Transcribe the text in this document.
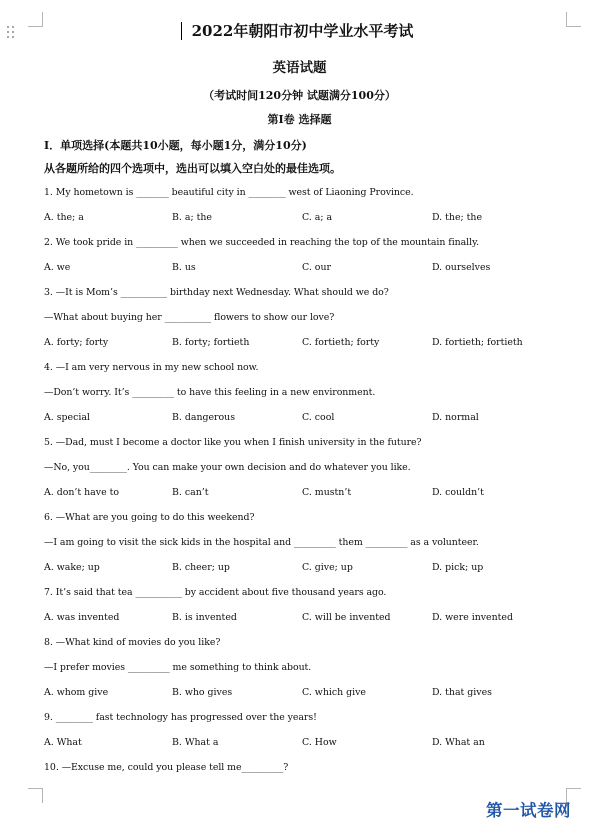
2022年朝阳市初中学业水平考试
英语试题
（考试时间120分钟 试题满分100分）
第Ⅰ卷 选择题
Ⅰ．单项选择(本题共10小题，每小题1分，满分10分)
从各题所给的四个选项中，选出可以填入空白处的最佳选项。
1. My hometown is _______ beautiful city in ________ west of Liaoning Province.
A. the; a	B. a; the	C. a; a	D. the; the
2. We took pride in _________ when we succeeded in reaching the top of the mountain finally.
A. we	B. us	C. our	D. ourselves
3. —It is Mom’s __________ birthday next Wednesday. What should we do?
—What about buying her __________ flowers to show our love?
A. forty; forty	B. forty; fortieth	C. fortieth; forty	D. fortieth; fortieth
4. —I am very nervous in my new school now.
—Don’t worry. It’s _________ to have this feeling in a new environment.
A. special	B. dangerous	C. cool	D. normal
5. —Dad, must I become a doctor like you when I finish university in the future?
—No, you________. You can make your own decision and do whatever you like.
A. don’t have to	B. can’t	C. mustn’t	D. couldn’t
6. —What are you going to do this weekend?
—I am going to visit the sick kids in the hospital and _________ them _________ as a volunteer.
A. wake; up	B. cheer; up	C. give; up	D. pick; up
7. It’s said that tea __________ by accident about five thousand years ago.
A. was invented	B. is invented	C. will be invented	D. were invented
8. —What kind of movies do you like?
—I prefer movies _________ me something to think about.
A. whom give	B. who gives	C. which give	D. that gives
9. ________ fast technology has progressed over the years!
A. What	B. What a	C. How	D. What an
10. —Excuse me, could you please tell me_________?
第一试卷网
